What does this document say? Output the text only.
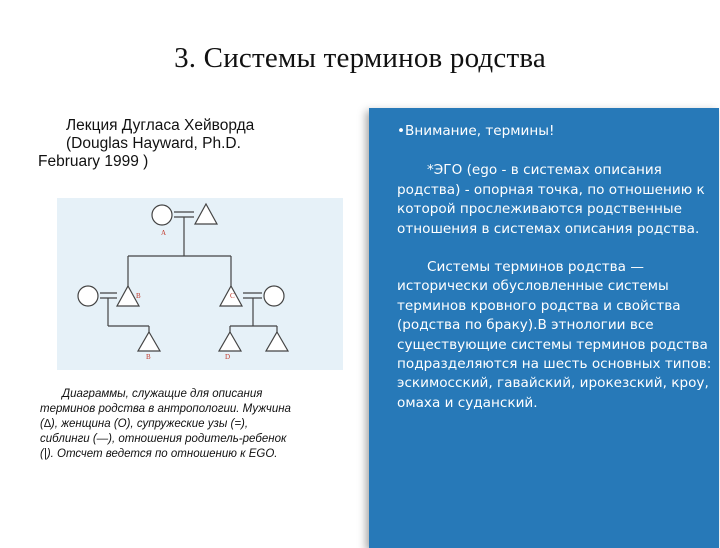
3. Системы терминов родства
Лекция Дугласа Хейворда
(Douglas Hayward, Ph.D.
February 1999 )
A
B	C
B	D
Диаграммы, служащие для описания
терминов родства в антропологии. Мужчина
(∆), женщина (О), супружеские узы (=),
сиблинги (—), отношения родитель-ребенок
(|). Отсчет ведется по отношению к EGO.

•Внимание, термины!

*ЭГО (ego - в системах описания родства) - опорная точка, по отношению к которой прослеживаются родственные отношения в системах описания родства.

Системы терминов родства — исторически обусловленные системы терминов кровного родства и свойства (родства по браку).В этнологии все существующие системы терминов родства подразделяются на шесть основных типов: эскимосский, гавайский, ирокезский, кроу, омаха и суданский.
